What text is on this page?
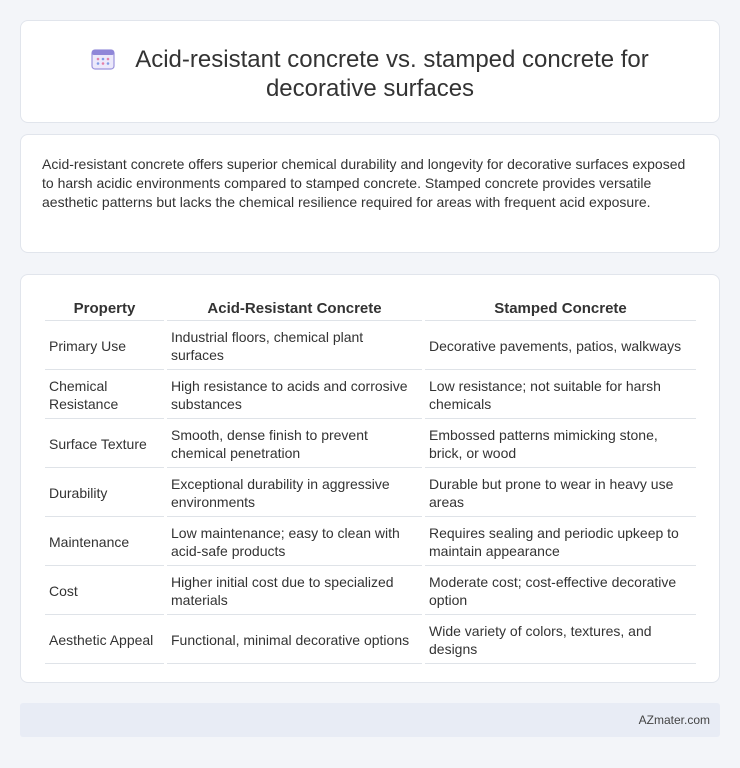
Acid-resistant concrete vs. stamped concrete for
decorative surfaces

Acid-resistant concrete offers superior chemical durability and longevity for decorative surfaces exposed to harsh acidic environments compared to stamped concrete. Stamped concrete provides versatile aesthetic patterns but lacks the chemical resilience required for areas with frequent acid exposure.

Property	Acid-Resistant Concrete	Stamped Concrete
Primary Use	Industrial floors, chemical plant surfaces	Decorative pavements, patios, walkways
Chemical Resistance	High resistance to acids and corrosive substances	Low resistance; not suitable for harsh chemicals
Surface Texture	Smooth, dense finish to prevent chemical penetration	Embossed patterns mimicking stone, brick, or wood
Durability	Exceptional durability in aggressive environments	Durable but prone to wear in heavy use areas
Maintenance	Low maintenance; easy to clean with acid-safe products	Requires sealing and periodic upkeep to maintain appearance
Cost	Higher initial cost due to specialized materials	Moderate cost; cost-effective decorative option
Aesthetic Appeal	Functional, minimal decorative options	Wide variety of colors, textures, and designs
AZmater.com
